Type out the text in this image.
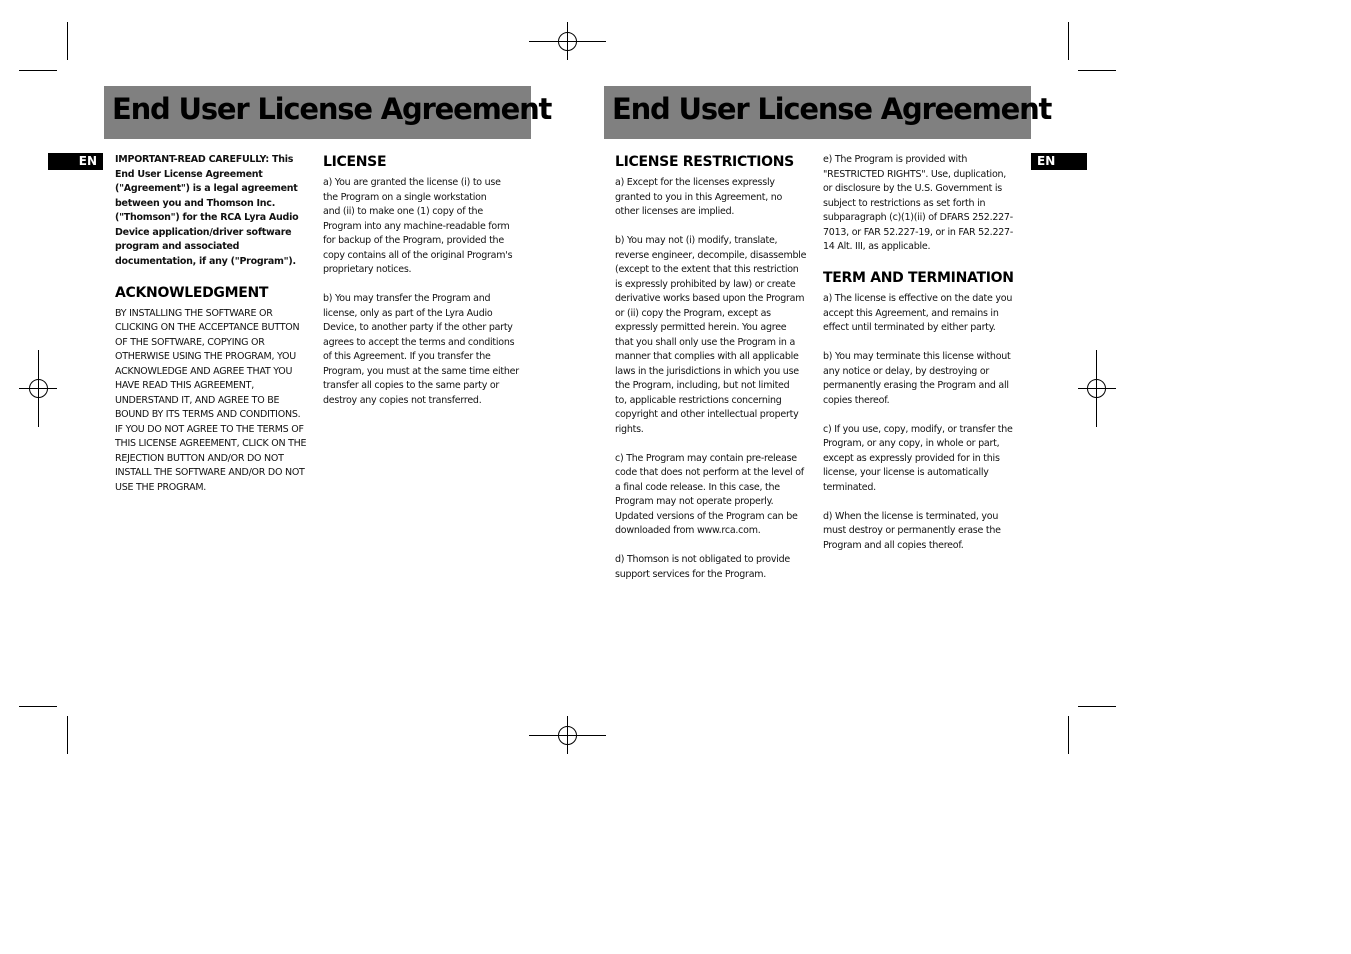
End User License Agreement
EN IMPORTANT-READ CAREFULLY: This
End User License Agreement
("Agreement") is a legal agreement
between you and Thomson Inc.
("Thomson") for the RCA Lyra Audio
Device application/driver software
program and associated
documentation, if any ("Program").

ACKNOWLEDGMENT

BY INSTALLING THE SOFTWARE OR
CLICKING ON THE ACCEPTANCE BUTTON
OF THE SOFTWARE, COPYING OR
OTHERWISE USING THE PROGRAM, YOU
ACKNOWLEDGE AND AGREE THAT YOU
HAVE READ THIS AGREEMENT,
UNDERSTAND IT, AND AGREE TO BE
BOUND BY ITS TERMS AND CONDITIONS.
IF YOU DO NOT AGREE TO THE TERMS OF
THIS LICENSE AGREEMENT, CLICK ON THE
REJECTION BUTTON AND/OR DO NOT
INSTALL THE SOFTWARE AND/OR DO NOT
USE THE PROGRAM.

LICENSE

a) You are granted the license (i) to use
the Program on a single workstation
and (ii) to make one (1) copy of the
Program into any machine-readable form
for backup of the Program, provided the
copy contains all of the original Program's
proprietary notices.

b) You may transfer the Program and
license, only as part of the Lyra Audio
Device, to another party if the other party
agrees to accept the terms and conditions
of this Agreement. If you transfer the
Program, you must at the same time either
transfer all copies to the same party or
destroy any copies not transferred.

End User License Agreement
EN
LICENSE RESTRICTIONS

a) Except for the licenses expressly
granted to you in this Agreement, no
other licenses are implied.

b) You may not (i) modify, translate,
reverse engineer, decompile, disassemble
(except to the extent that this restriction
is expressly prohibited by law) or create
derivative works based upon the Program
or (ii) copy the Program, except as
expressly permitted herein. You agree
that you shall only use the Program in a
manner that complies with all applicable
laws in the jurisdictions in which you use
the Program, including, but not limited
to, applicable restrictions concerning
copyright and other intellectual property
rights.

c) The Program may contain pre-release
code that does not perform at the level of
a final code release. In this case, the
Program may not operate properly.
Updated versions of the Program can be
downloaded from www.rca.com.

d) Thomson is not obligated to provide
support services for the Program.

e) The Program is provided with
"RESTRICTED RIGHTS". Use, duplication,
or disclosure by the U.S. Government is
subject to restrictions as set forth in
subparagraph (c)(1)(ii) of DFARS 252.227-
7013, or FAR 52.227-19, or in FAR 52.227-
14 Alt. III, as applicable.

TERM AND TERMINATION

a) The license is effective on the date you
accept this Agreement, and remains in
effect until terminated by either party.

b) You may terminate this license without
any notice or delay, by destroying or
permanently erasing the Program and all
copies thereof.

c) If you use, copy, modify, or transfer the
Program, or any copy, in whole or part,
except as expressly provided for in this
license, your license is automatically
terminated.

d) When the license is terminated, you
must destroy or permanently erase the
Program and all copies thereof.
